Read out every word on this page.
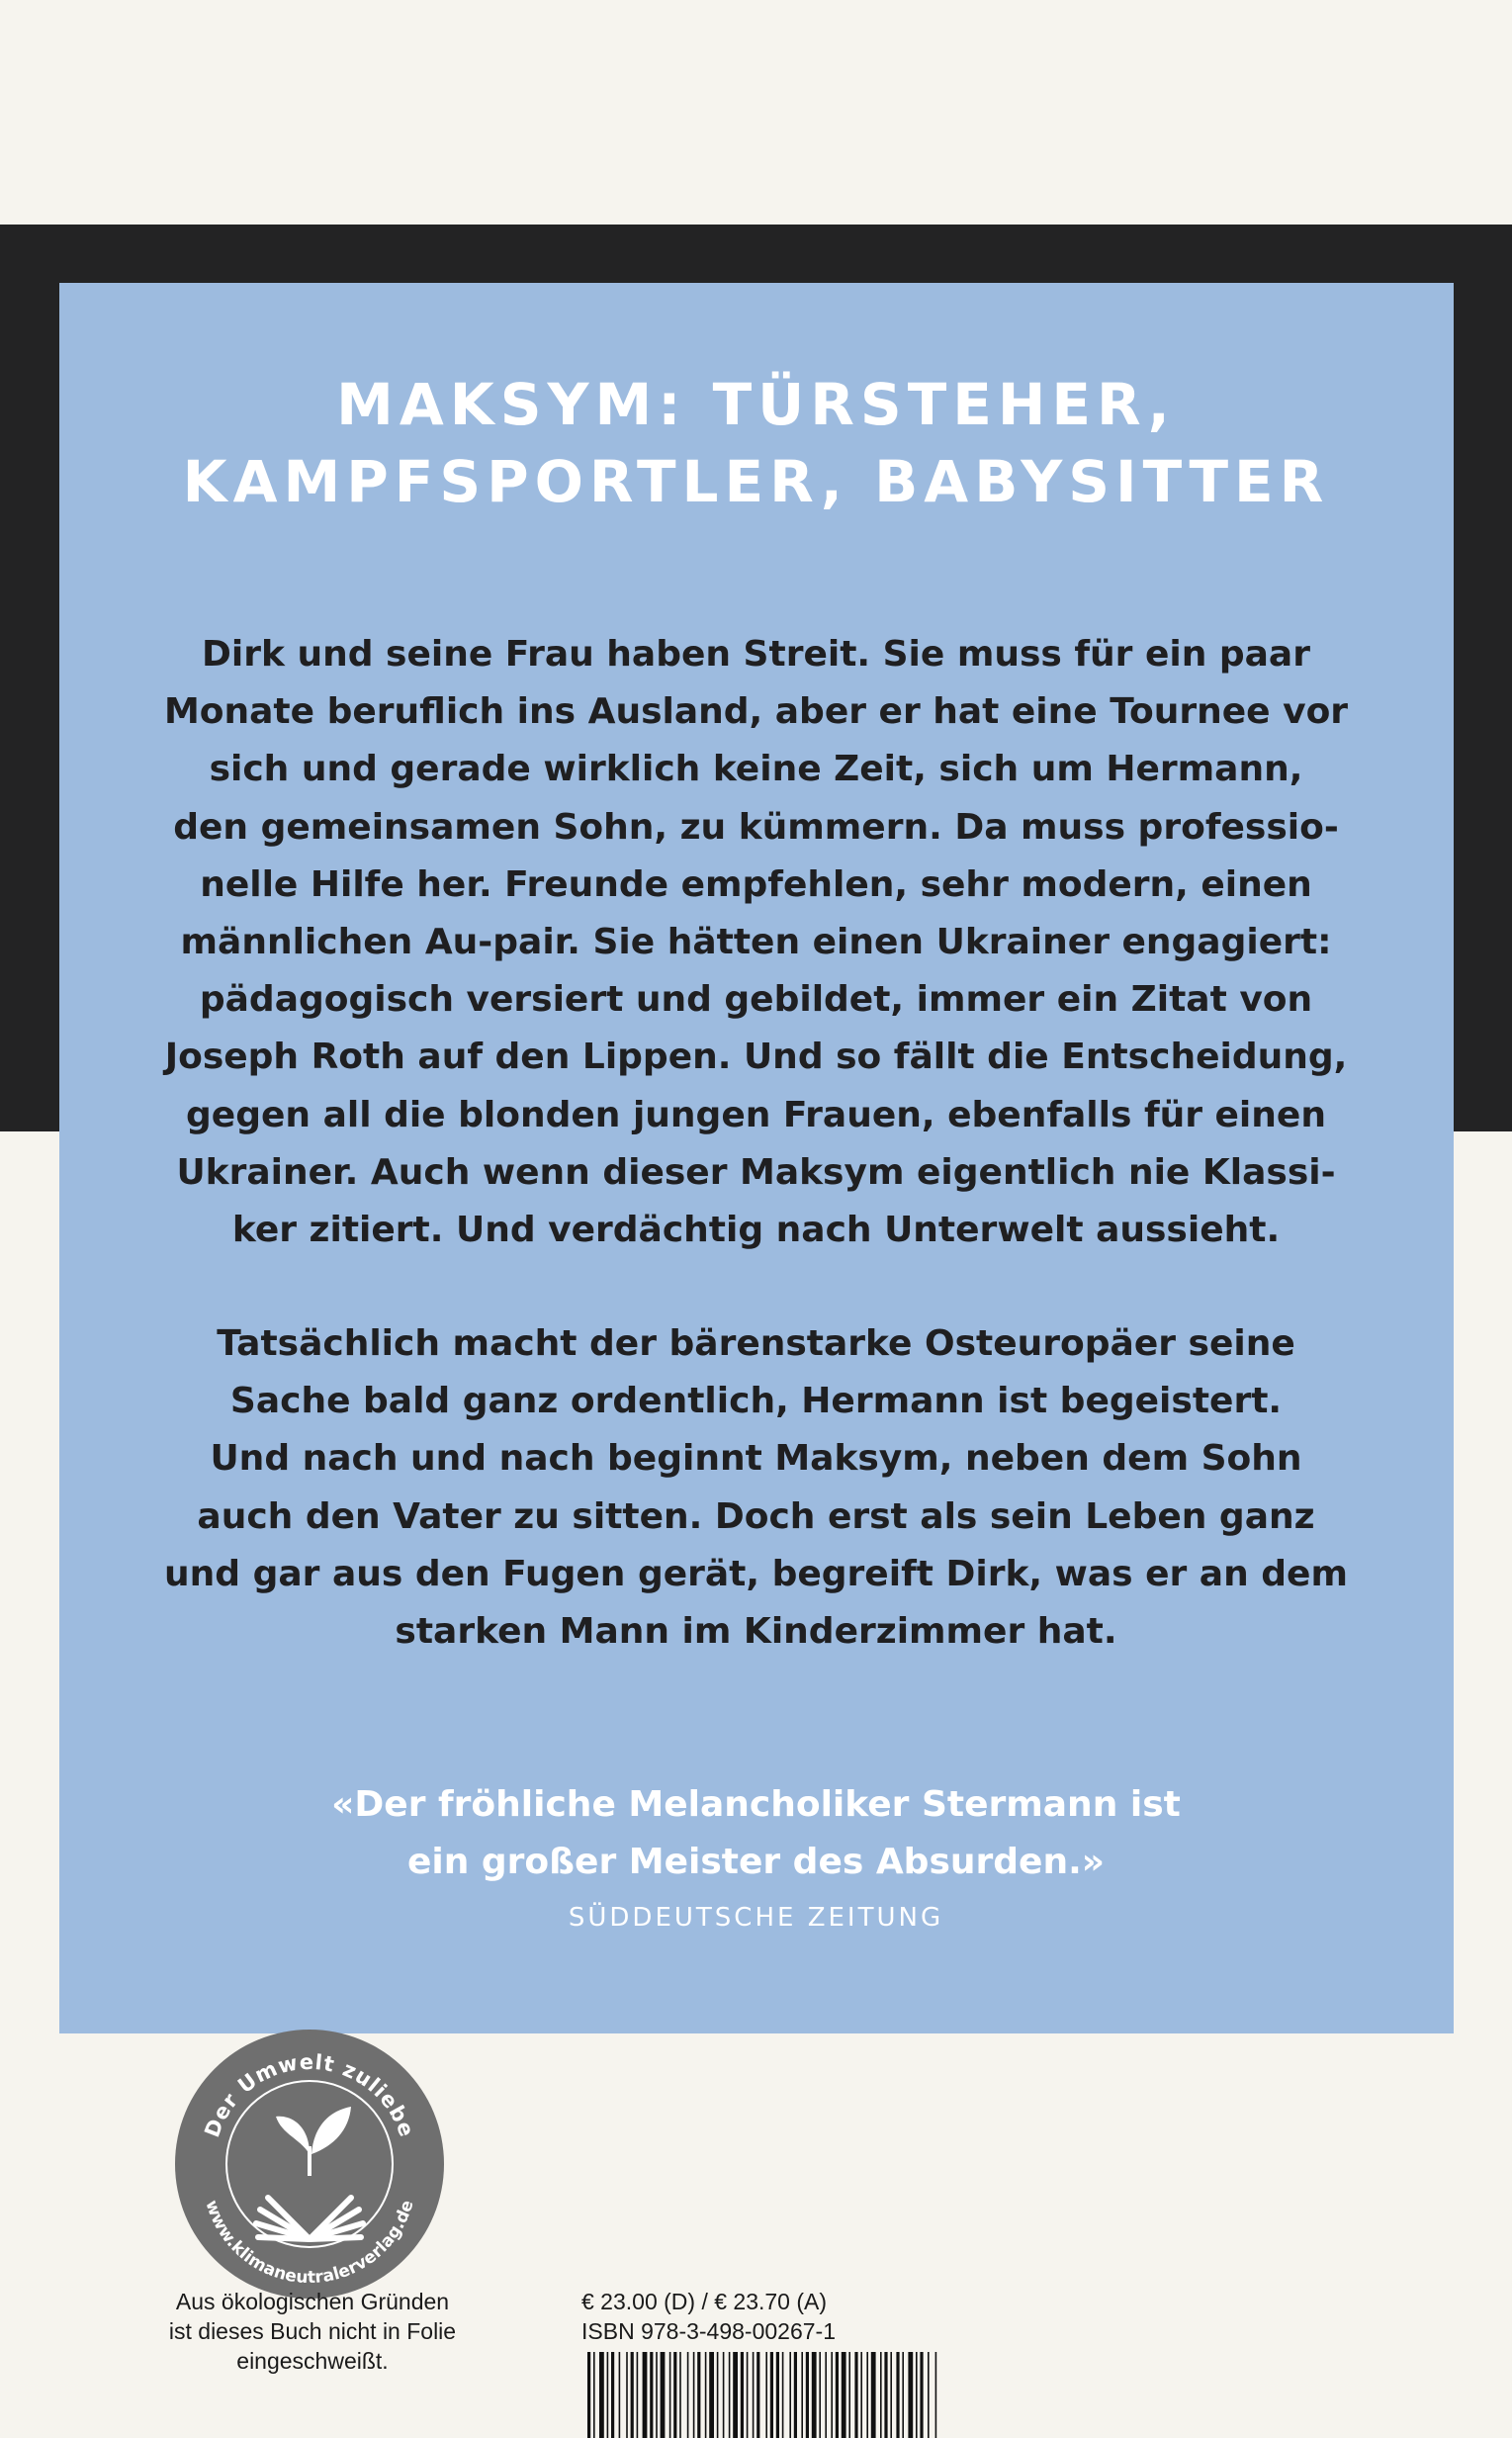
MAKSYM: TÜRSTEHER,
KAMPFSPORTLER, BABYSITTER
Dirk und seine Frau haben Streit. Sie muss für ein paar
Monate beruflich ins Ausland, aber er hat eine Tournee vor
sich und gerade wirklich keine Zeit, sich um Hermann,
den gemeinsamen Sohn, zu kümmern. Da muss professio-
nelle Hilfe her. Freunde empfehlen, sehr modern, einen
männlichen Au-pair. Sie hätten einen Ukrainer engagiert:
pädagogisch versiert und gebildet, immer ein Zitat von
Joseph Roth auf den Lippen. Und so fällt die Entscheidung,
gegen all die blonden jungen Frauen, ebenfalls für einen
Ukrainer. Auch wenn dieser Maksym eigentlich nie Klassi-
ker zitiert. Und verdächtig nach Unterwelt aussieht.
Tatsächlich macht der bärenstarke Osteuropäer seine
Sache bald ganz ordentlich, Hermann ist begeistert.
Und nach und nach beginnt Maksym, neben dem Sohn
auch den Vater zu sitten. Doch erst als sein Leben ganz
und gar aus den Fugen gerät, begreift Dirk, was er an dem
starken Mann im Kinderzimmer hat.
«Der fröhliche Melancholiker Stermann ist
ein großer Meister des Absurden.»
SÜDDEUTSCHE ZEITUNG
Der Umwelt zuliebe
www.klimaneutralerverlag.de
Aus ökologischen Gründen
ist dieses Buch nicht in Folie
eingeschweißt.
€ 23.00 (D) / € 23.70 (A)
ISBN 978-3-498-00267-1
